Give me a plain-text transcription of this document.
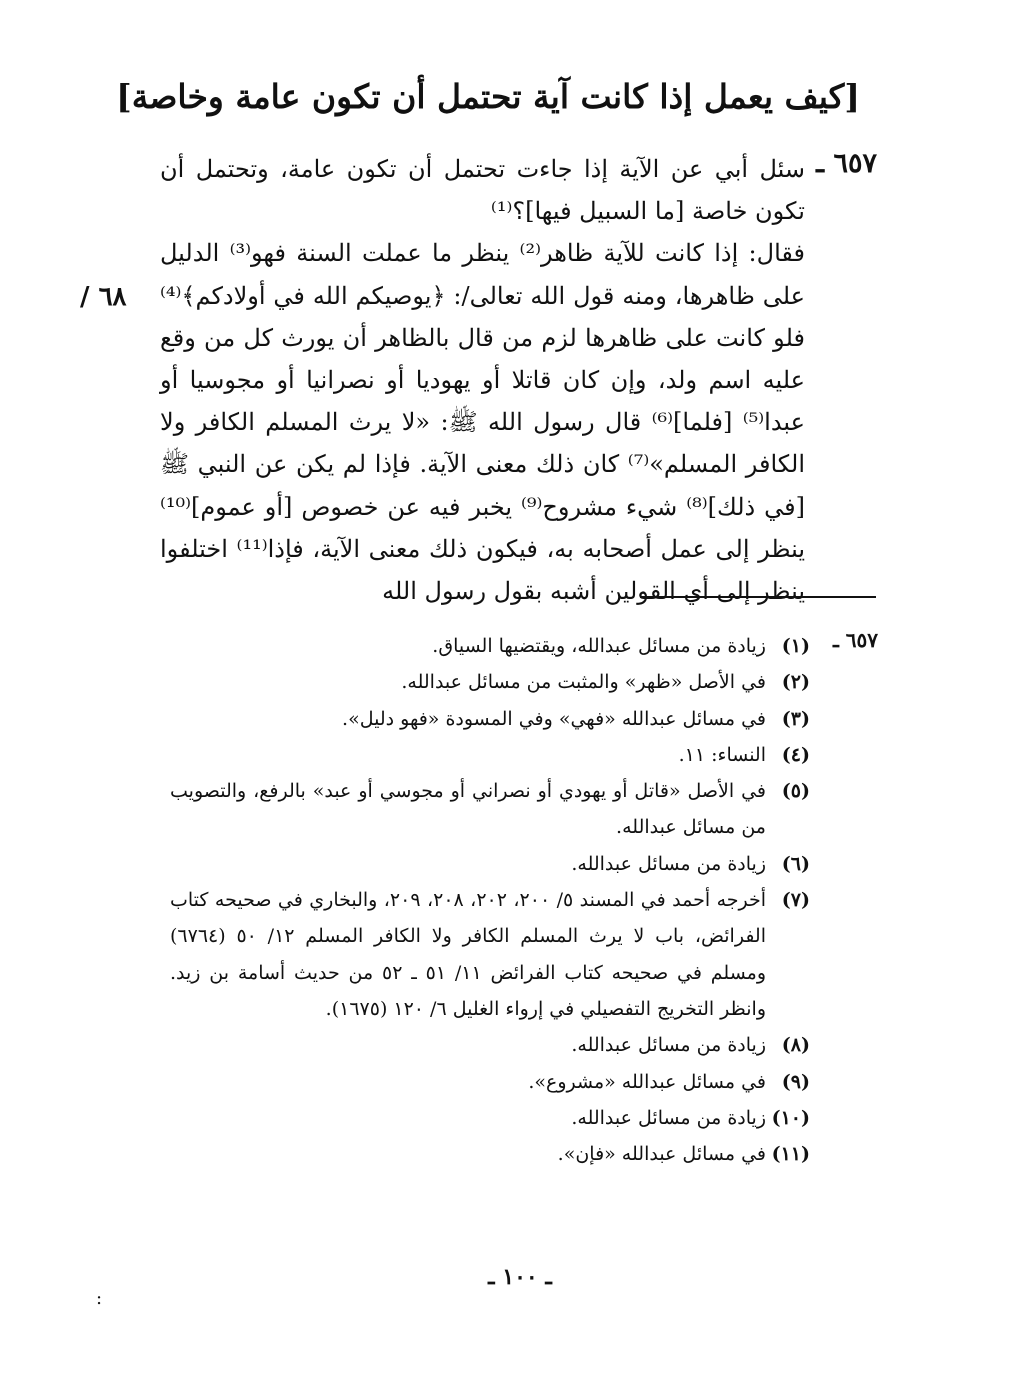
[كيف يعمل إذا كانت آية تحتمل أن تكون عامة وخاصة]
٦٥٧ ـ
/ ٦٨

سئل أبي عن الآية إذا جاءت تحتمل أن تكون عامة، وتحتمل أن تكون خاصة [ما السبيل فيها]؟⁽¹⁾

فقال: إذا كانت للآية ظاهر⁽²⁾ ينظر ما عملت السنة فهو⁽³⁾ الدليل على ظاهرها، ومنه قول الله تعالى/: ﴿يوصيكم الله في أولادكم﴾⁽⁴⁾ فلو كانت على ظاهرها لزم من قال بالظاهر أن يورث كل من وقع عليه اسم ولد، وإن كان قاتلا أو يهوديا أو نصرانيا أو مجوسيا أو عبدا⁽⁵⁾ [فلما]⁽⁶⁾ قال رسول الله ﷺ: «لا يرث المسلم الكافر ولا الكافر المسلم»⁽⁷⁾ كان ذلك معنى الآية. فإذا لم يكن عن النبي ﷺ [في ذلك]⁽⁸⁾ شيء مشروح⁽⁹⁾ يخبر فيه عن خصوص [أو عموم]⁽¹⁰⁾ ينظر إلى عمل أصحابه به، فيكون ذلك معنى الآية، فإذا⁽¹¹⁾ اختلفوا ينظر إلى أي القولين أشبه بقول رسول الله

٦٥٧ ـ
(١)
زيادة من مسائل عبدالله، ويقتضيها السياق.
(٢)
في الأصل «ظهر» والمثبت من مسائل عبدالله.
(٣)
في مسائل عبدالله «فهي» وفي المسودة «فهو دليل».
(٤)
النساء: ١١.
(٥)
في الأصل «قاتل أو يهودي أو نصراني أو مجوسي أو عبد» بالرفع، والتصويب من مسائل عبدالله.
(٦)
زيادة من مسائل عبدالله.
(٧)
أخرجه أحمد في المسند ٥/ ٢٠٠، ٢٠٢، ٢٠٨، ٢٠٩، والبخاري في صحيحه كتاب الفرائض، باب لا يرث المسلم الكافر ولا الكافر المسلم ١٢/ ٥٠ (٦٧٦٤) ومسلم في صحيحه كتاب الفرائض ١١/ ٥١ ـ ٥٢ من حديث أسامة بن زيد. وانظر التخريج التفصيلي في إرواء الغليل ٦/ ١٢٠ (١٦٧٥).
(٨)
زيادة من مسائل عبدالله.
(٩)
في مسائل عبدالله «مشروع».
(١٠)
زيادة من مسائل عبدالله.
(١١)
في مسائل عبدالله «فإن».
ـ ١٠٠ ـ
:
